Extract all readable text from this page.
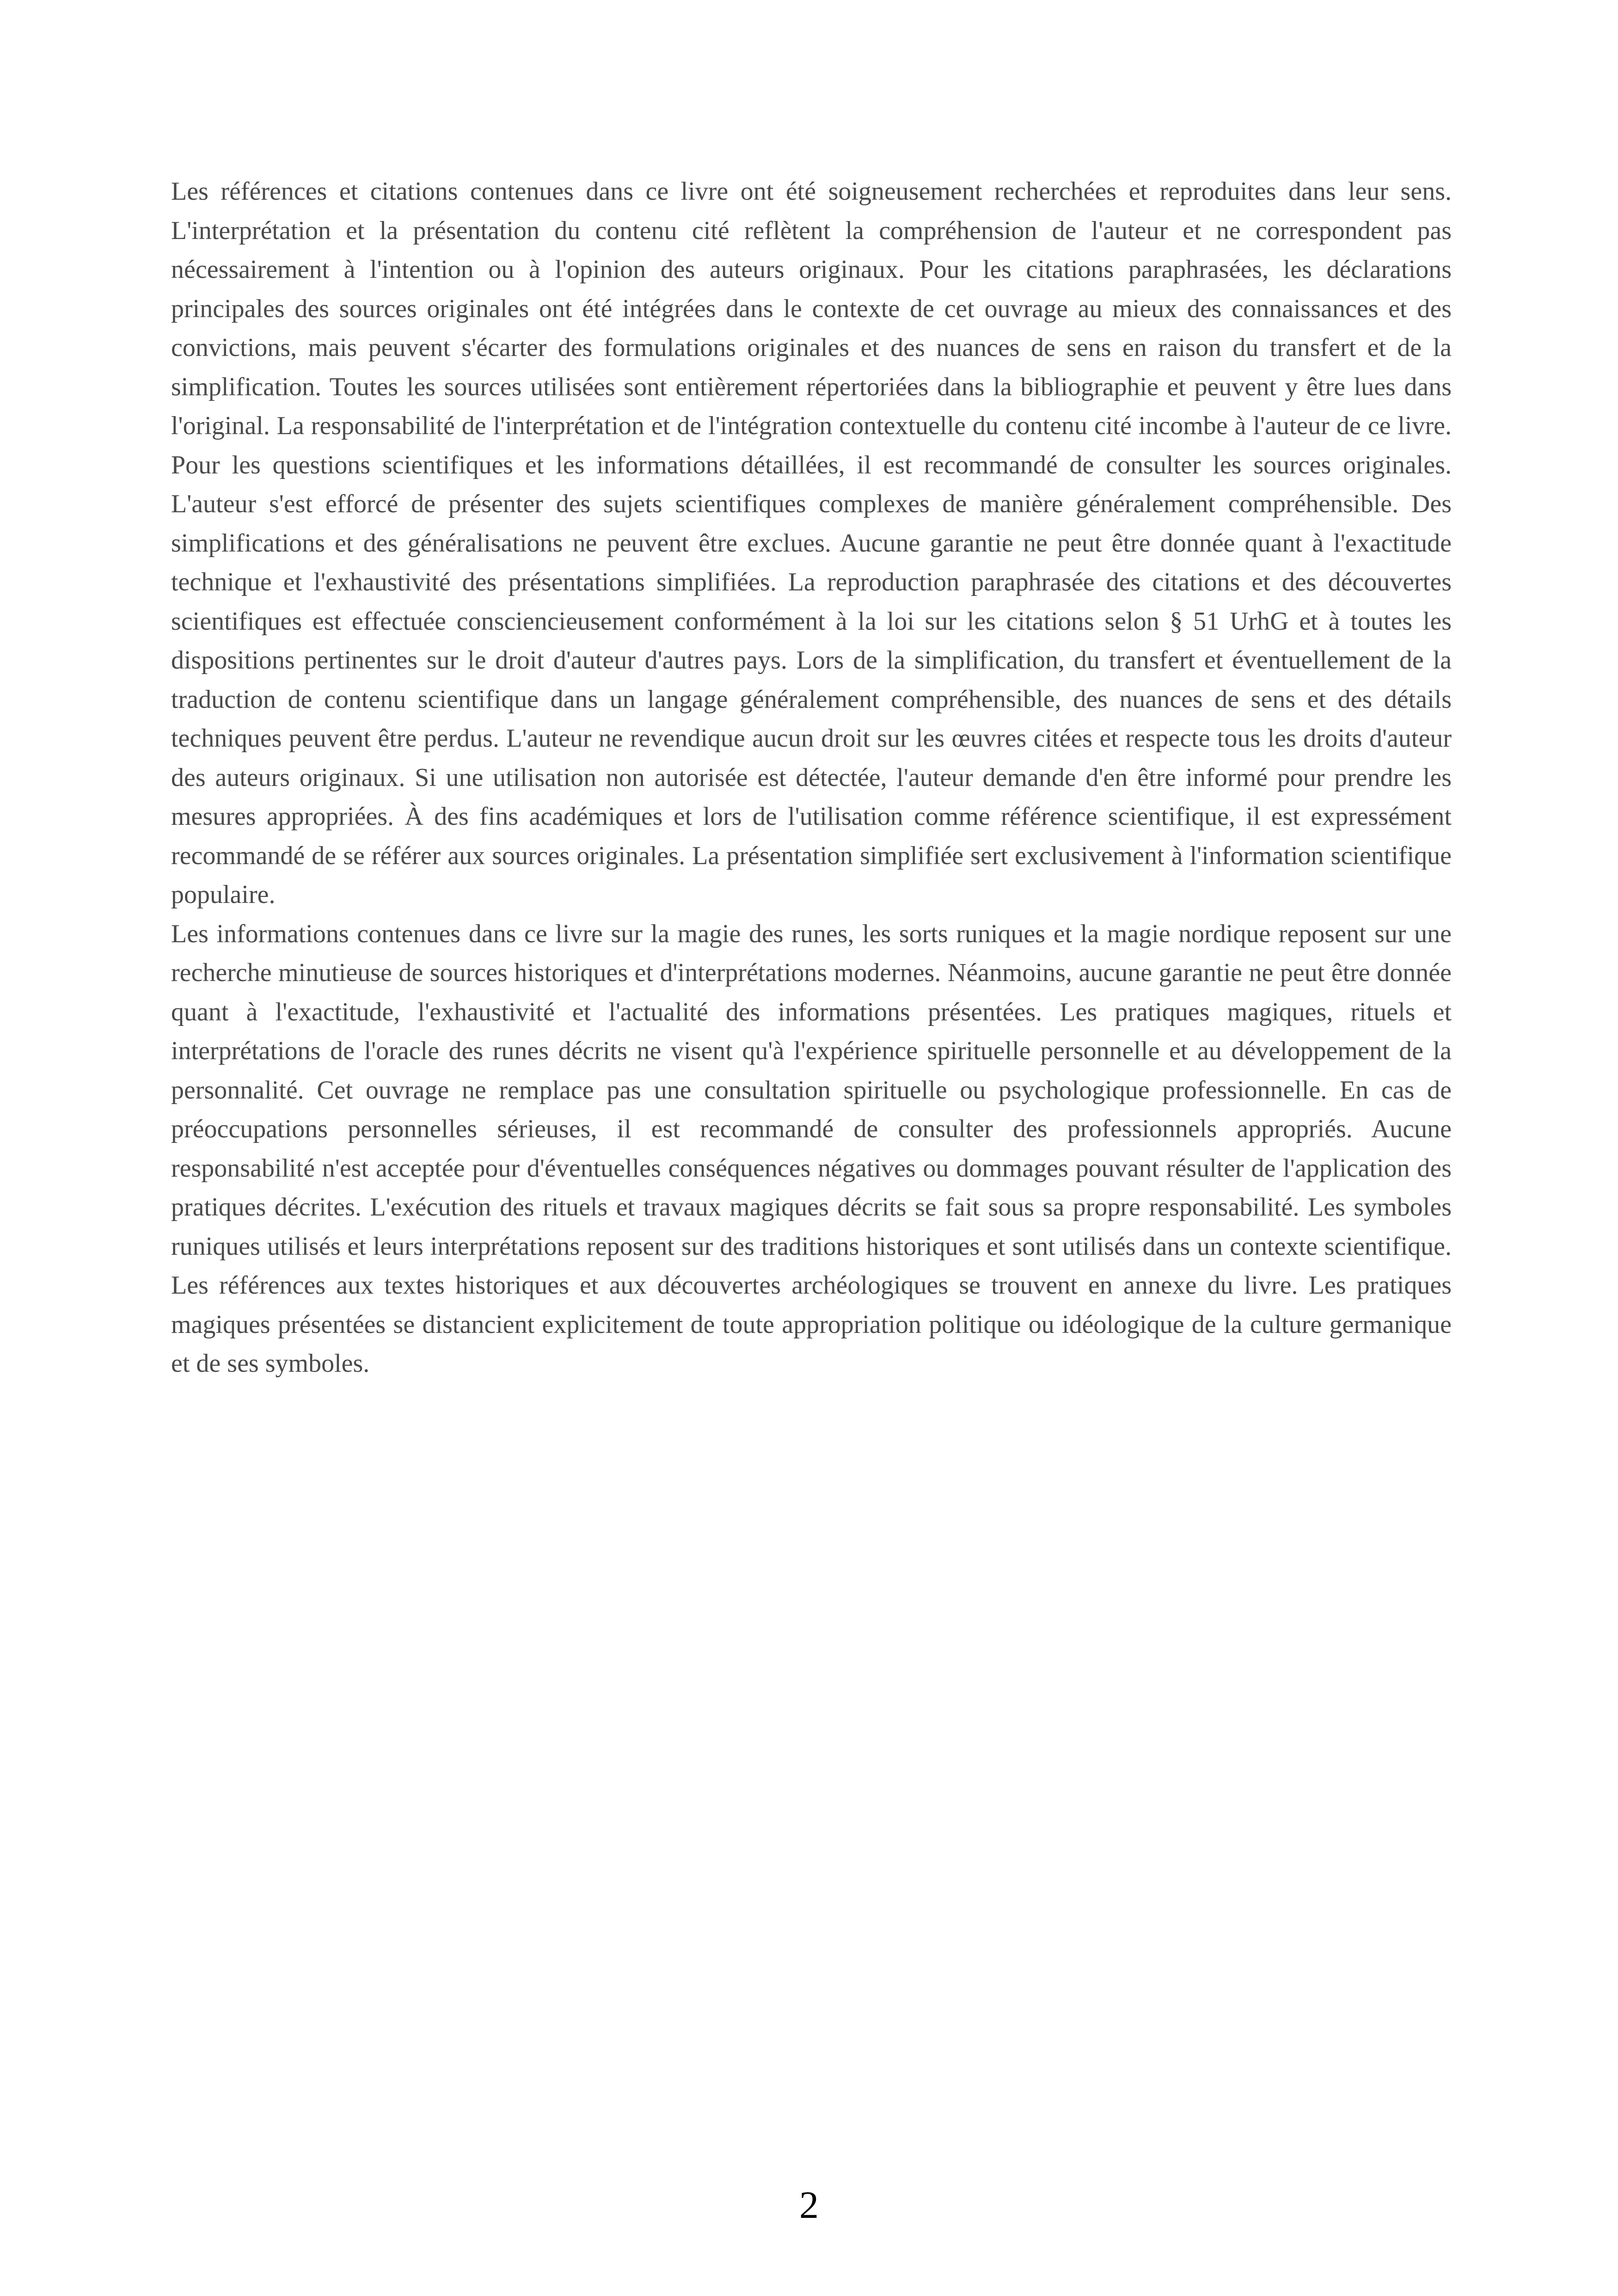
Les références et citations contenues dans ce livre ont été soigneusement recherchées et reproduites dans leur sens. L'interprétation et la présentation du contenu cité reflètent la compréhension de l'auteur et ne correspondent pas nécessairement à l'intention ou à l'opinion des auteurs originaux. Pour les citations paraphrasées, les déclarations principales des sources originales ont été intégrées dans le contexte de cet ouvrage au mieux des connaissances et des convictions, mais peuvent s'écarter des formulations originales et des nuances de sens en raison du transfert et de la simplification. Toutes les sources utilisées sont entièrement répertoriées dans la bibliographie et peuvent y être lues dans l'original. La responsabilité de l'interprétation et de l'intégration contextuelle du contenu cité incombe à l'auteur de ce livre. Pour les questions scientifiques et les informations détaillées, il est recommandé de consulter les sources originales. L'auteur s'est efforcé de présenter des sujets scientifiques complexes de manière généralement compréhensible. Des simplifications et des généralisations ne peuvent être exclues. Aucune garantie ne peut être donnée quant à l'exactitude technique et l'exhaustivité des présentations simplifiées. La reproduction paraphrasée des citations et des découvertes scientifiques est effectuée consciencieusement conformément à la loi sur les citations selon § 51 UrhG et à toutes les dispositions pertinentes sur le droit d'auteur d'autres pays. Lors de la simplification, du transfert et éventuellement de la traduction de contenu scientifique dans un langage généralement compréhensible, des nuances de sens et des détails techniques peuvent être perdus. L'auteur ne revendique aucun droit sur les œuvres citées et respecte tous les droits d'auteur des auteurs originaux. Si une utilisation non autorisée est détectée, l'auteur demande d'en être informé pour prendre les mesures appropriées. À des fins académiques et lors de l'utilisation comme référence scientifique, il est expressément recommandé de se référer aux sources originales. La présentation simplifiée sert exclusivement à l'information scientifique populaire.

Les informations contenues dans ce livre sur la magie des runes, les sorts runiques et la magie nordique reposent sur une recherche minutieuse de sources historiques et d'interprétations modernes. Néanmoins, aucune garantie ne peut être donnée quant à l'exactitude, l'exhaustivité et l'actualité des informations présentées. Les pratiques magiques, rituels et interprétations de l'oracle des runes décrits ne visent qu'à l'expérience spirituelle personnelle et au développement de la personnalité. Cet ouvrage ne remplace pas une consultation spirituelle ou psychologique professionnelle. En cas de préoccupations personnelles sérieuses, il est recommandé de consulter des professionnels appropriés. Aucune responsabilité n'est acceptée pour d'éventuelles conséquences négatives ou dommages pouvant résulter de l'application des pratiques décrites. L'exécution des rituels et travaux magiques décrits se fait sous sa propre responsabilité. Les symboles runiques utilisés et leurs interprétations reposent sur des traditions historiques et sont utilisés dans un contexte scientifique. Les références aux textes historiques et aux découvertes archéologiques se trouvent en annexe du livre. Les pratiques magiques présentées se distancient explicitement de toute appropriation politique ou idéologique de la culture germanique et de ses symboles.

2
